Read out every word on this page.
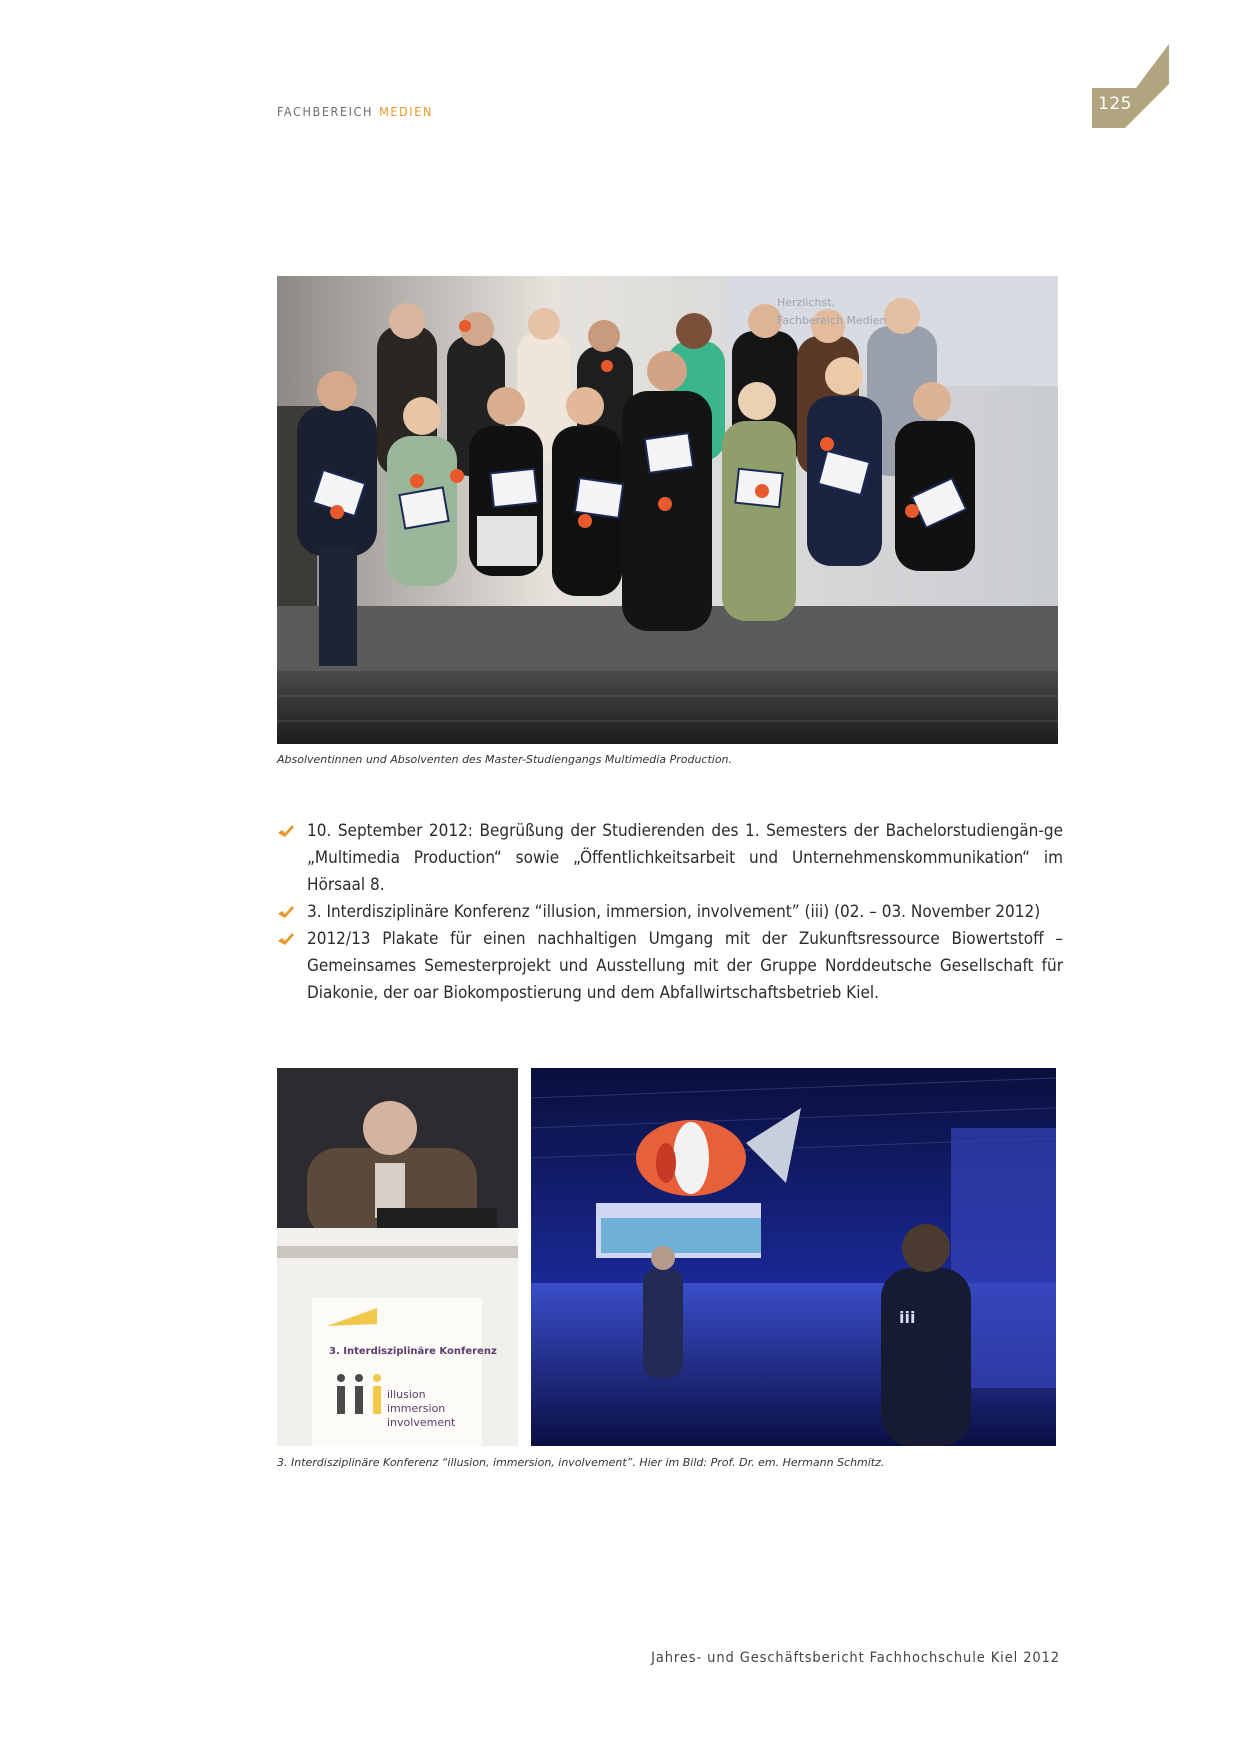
FACHBEREICH MEDIEN	125
Herzlichst,
Fachbereich Medien
Absolventinnen und Absolventen des Master-Studiengangs Multimedia Production.
10. September 2012: Begrüßung der Studierenden des 1. Semesters der Bachelorstudiengän-ge „Multimedia Production“ sowie „Öffentlichkeitsarbeit und Unternehmenskommunikation“ im Hörsaal 8.
3. Interdisziplinäre Konferenz “illusion, immersion, involvement” (iii) (02. – 03. November 2012)
2012/13 Plakate für einen nachhaltigen Umgang mit der Zukunftsressource Biowertstoff – Gemeinsames Semesterprojekt und Ausstellung mit der Gruppe Norddeutsche Gesellschaft für Diakonie, der oar Biokompostierung und dem Abfallwirtschaftsbetrieb Kiel.
3. Interdisziplinäre Konferenz
illusion
immersion
involvement
iii
3. Interdisziplinäre Konferenz “illusion, immersion, involvement”. Hier im Bild: Prof. Dr. em. Hermann Schmitz.
Jahres- und Geschäftsbericht Fachhochschule Kiel 2012
